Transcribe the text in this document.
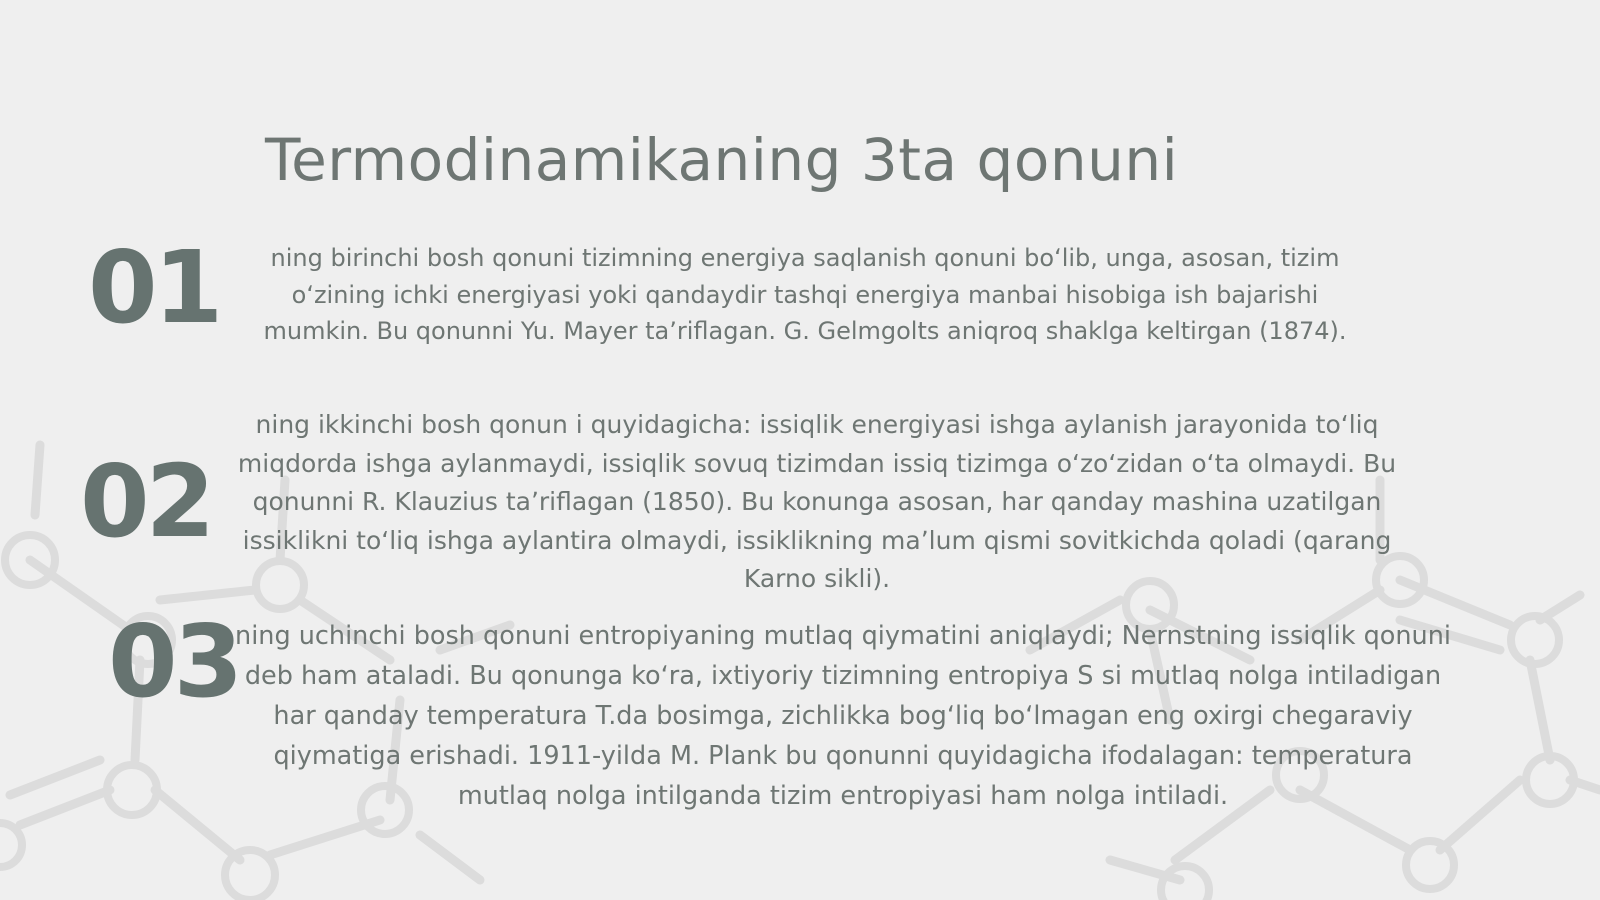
Termodinamikaning 3ta qonuni
01	ning birinchi bosh qonuni tizimning energiya saqlanish qonuni boʻlib, unga, asosan, tizim oʻzining ichki energiyasi yoki qandaydir tashqi energiya manbai hisobiga ish bajarishi mumkin. Bu qonunni Yu. Mayer taʼriflagan. G. Gelmgolts aniqroq shaklga keltirgan (1874).

02

ning ikkinchi bosh qonun i quyidagicha: issiqlik energiyasi ishga aylanish jarayonida toʻliq miqdorda ishga aylanmaydi, issiqlik sovuq tizimdan issiq tizimga oʻzoʻzidan oʻta olmaydi. Bu qonunni R. Klauzius taʼriflagan (1850). Bu konunga asosan, har qanday mashina uzatilgan issiklikni toʻliq ishga aylantira olmaydi, issiklikning maʼlum qismi sovitkichda qoladi (qarang Karno sikli).

03

ning uchinchi bosh qonuni entropiyaning mutlaq qiymatini aniqlaydi; Nernstning issiqlik qonuni deb ham ataladi. Bu qonunga koʻra, ixtiyoriy tizimning entropiya S si mutlaq nolga intiladigan har qanday temperatura T.da bosimga, zichlikka bogʻliq boʻlmagan eng oxirgi chegaraviy qiymatiga erishadi. 1911-yilda M. Plank bu qonunni quyidagicha ifodalagan: temperatura mutlaq nolga intilganda tizim entropiyasi ham nolga intiladi.
